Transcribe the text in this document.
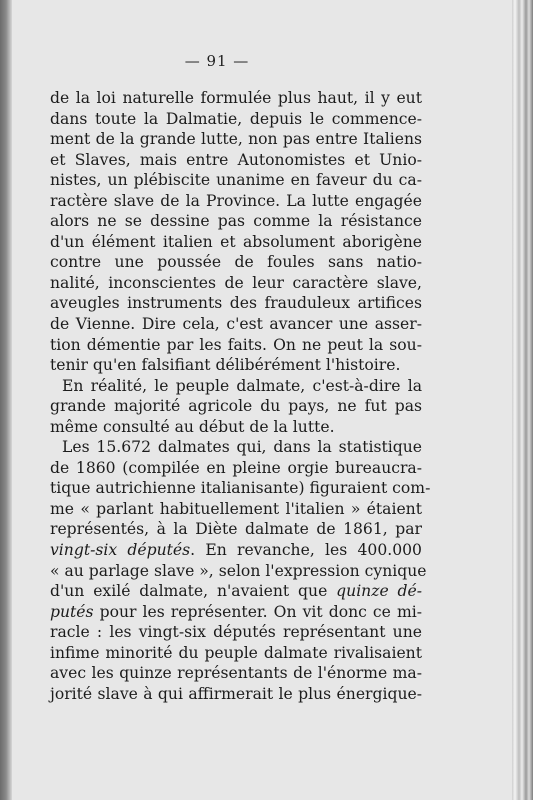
— 91 —
de la loi naturelle formulée plus haut, il y eut
dans toute la Dalmatie, depuis le commence-
ment de la grande lutte, non pas entre Italiens
et Slaves, mais entre Autonomistes et Unio-
nistes, un plébiscite unanime en faveur du ca-
ractère slave de la Province. La lutte engagée
alors ne se dessine pas comme la résistance
d'un élément italien et absolument aborigène
contre une poussée de foules sans natio-
nalité, inconscientes de leur caractère slave,
aveugles instruments des frauduleux artifices
de Vienne. Dire cela, c'est avancer une asser-
tion démentie par les faits. On ne peut la sou-
tenir qu'en falsifiant délibérément l'histoire.
En réalité, le peuple dalmate, c'est-à-dire la
grande majorité agricole du pays, ne fut pas
même consulté au début de la lutte.
Les 15.672 dalmates qui, dans la statistique
de 1860 (compilée en pleine orgie bureaucra-
tique autrichienne italianisante) figuraient com-
me « parlant habituellement l'italien » étaient
représentés, à la Diète dalmate de 1861, par
vingt-six députés. En revanche, les 400.000
« au parlage slave », selon l'expression cynique
d'un exilé dalmate, n'avaient que quinze dé-
putés pour les représenter. On vit donc ce mi-
racle : les vingt-six députés représentant une
infime minorité du peuple dalmate rivalisaient
avec les quinze représentants de l'énorme ma-
jorité slave à qui affirmerait le plus énergique-
